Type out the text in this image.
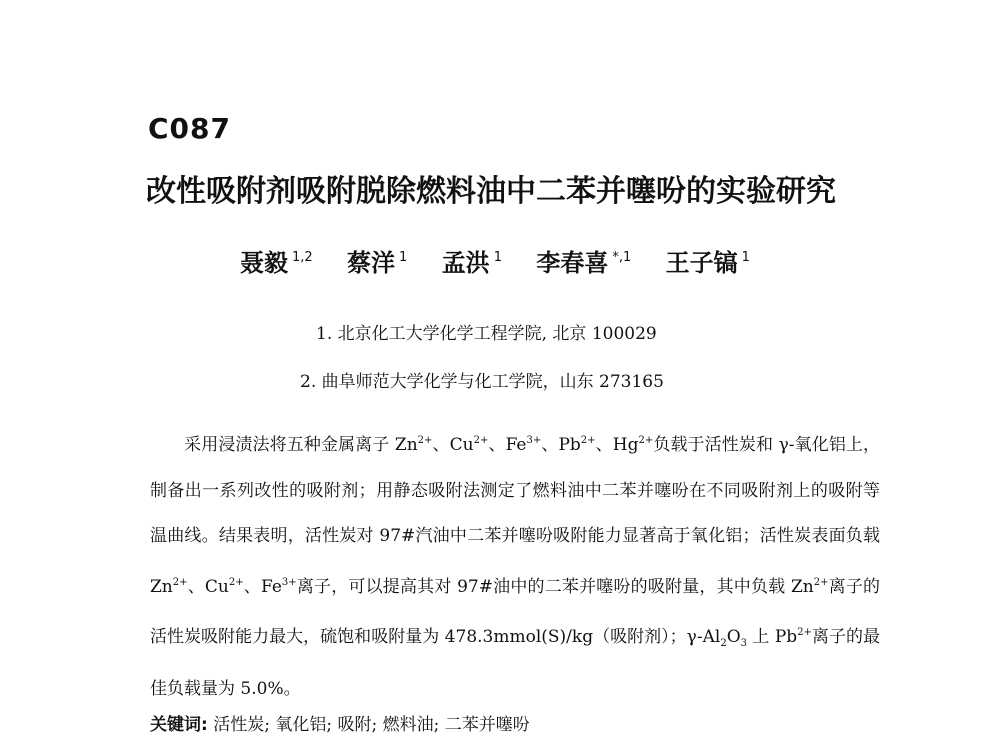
C087
改性吸附剂吸附脱除燃料油中二苯并噻吩的实验研究
聂毅 $^{1,2}$ 蔡洋 $^1$ 孟洪 $^1$ 李春喜 $^{*,1}$ 王子镐 $^1$
1. 北京化工大学化学工程学院, 北京 100029
2. 曲阜师范大学化学与化工学院，山东 273165

采用浸渍法将五种金属离子 $Zn^{2+}$、$Cu^{2+}$、$Fe^{3+}$、$Pb^{2+}$、$Hg^{2+}$负载于活性炭和 γ-氧化铝上，制备出一系列改性的吸附剂；用静态吸附法测定了燃料油中二苯并噻吩在不同吸附剂上的吸附等温曲线。结果表明，活性炭对 97#汽油中二苯并噻吩吸附能力显著高于氧化铝；活性炭表面负载 $Zn^{2+}$、$Cu^{2+}$、$Fe^{3+}$离子，可以提高其对 97#油中的二苯并噻吩的吸附量，其中负载 $Zn^{2+}$离子的活性炭吸附能力最大，硫饱和吸附量为 478.3mmol(S)/kg（吸附剂）；$\gamma-Al_2O_3$ 上 $Pb^{2+}$离子的最佳负载量为 5.0%。

关键词: 活性炭; 氧化铝; 吸附; 燃料油; 二苯并噻吩
